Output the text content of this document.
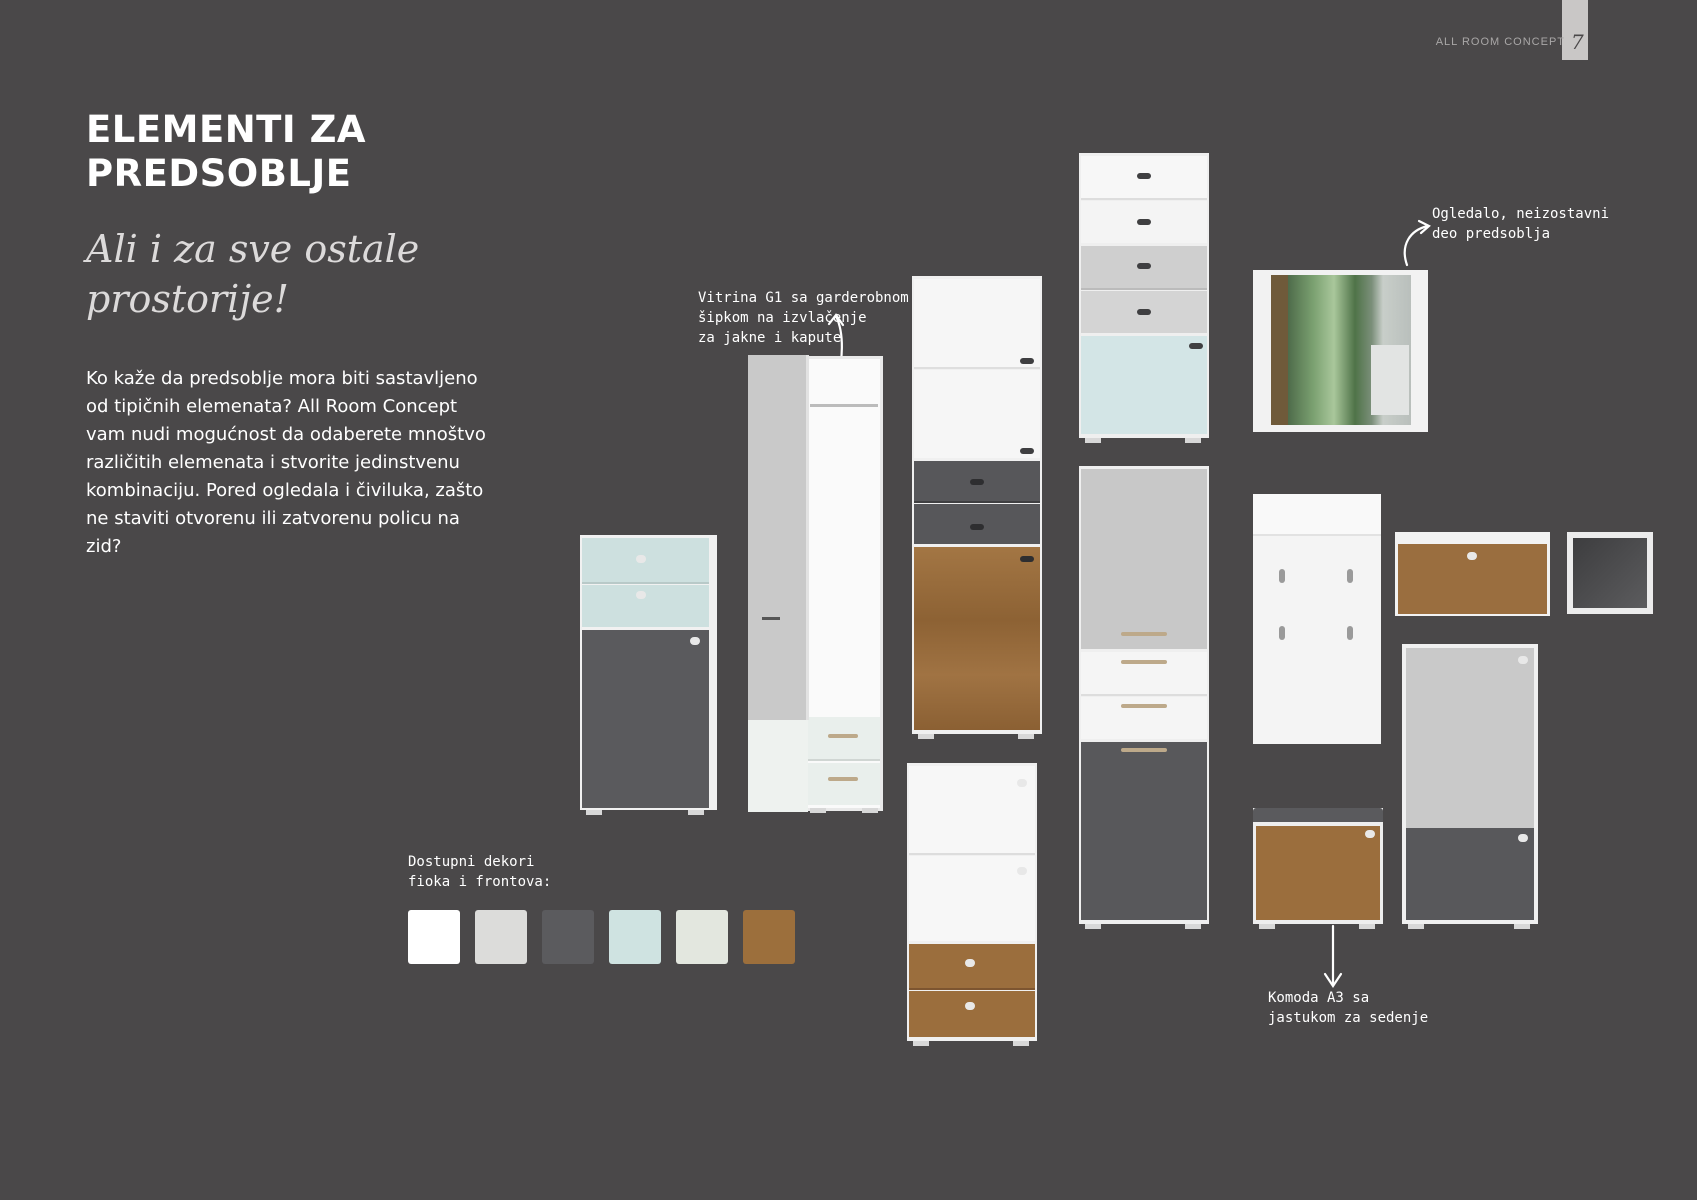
ALL ROOM CONCEPT 7
ELEMENTI ZA PREDSOBLJE
Ali i za sve ostale prostorije!
Ko kaže da predsoblje mora biti sastavljeno od tipičnih elemenata? All Room Concept vam nudi mogućnost da odaberete mnoštvo različitih elemenata i stvorite jedinstvenu kombinaciju. Pored ogledala i čiviluka, zašto ne staviti otvorenu ili zatvorenu policu na zid?
Vitrina G1 sa garderobnom
šipkom na izvlačenje
za jakne i kapute
Ogledalo, neizostavni
deo predsoblja
Komoda A3 sa
jastukom za sedenje
Dostupni dekori
fioka i frontova:
